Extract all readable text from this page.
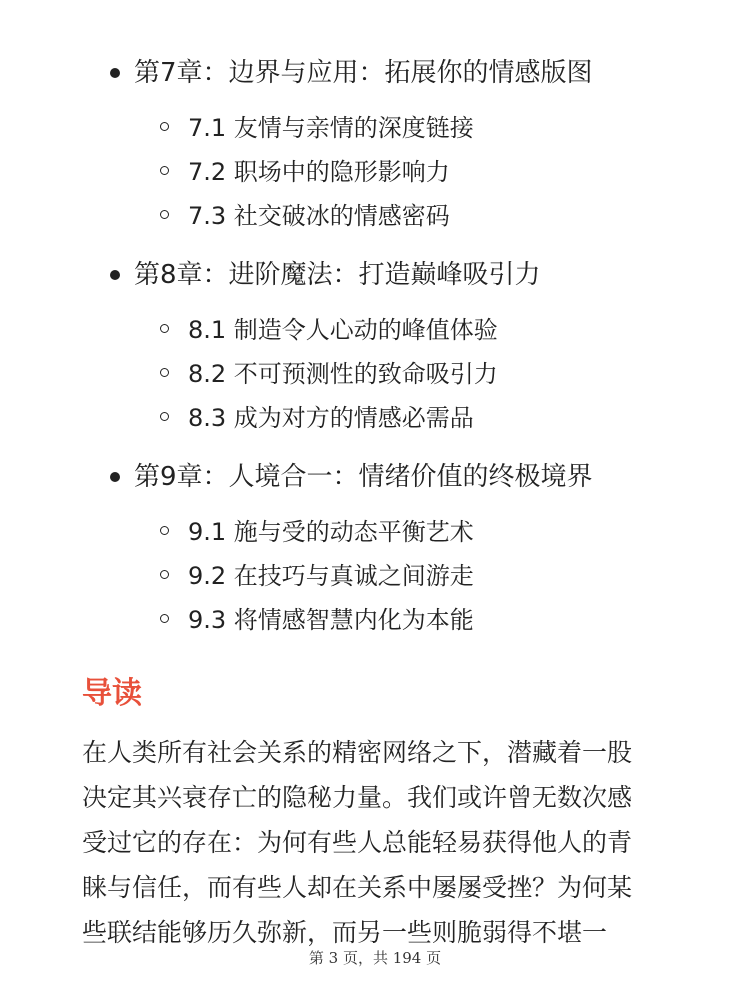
第7章：边界与应用：拓展你的情感版图
7.1 友情与亲情的深度链接
7.2 职场中的隐形影响力
7.3 社交破冰的情感密码
第8章：进阶魔法：打造巅峰吸引力
8.1 制造令人心动的峰值体验
8.2 不可预测性的致命吸引力
8.3 成为对方的情感必需品
第9章：人境合一：情绪价值的终极境界
9.1 施与受的动态平衡艺术
9.2 在技巧与真诚之间游走
9.3 将情感智慧内化为本能
导读
在人类所有社会关系的精密网络之下，潜藏着一股
决定其兴衰存亡的隐秘力量。我们或许曾无数次感
受过它的存在：为何有些人总能轻易获得他人的青
睐与信任，而有些人却在关系中屡屡受挫？为何某
些联结能够历久弥新，而另一些则脆弱得不堪一
第 3 页，共 194 页
